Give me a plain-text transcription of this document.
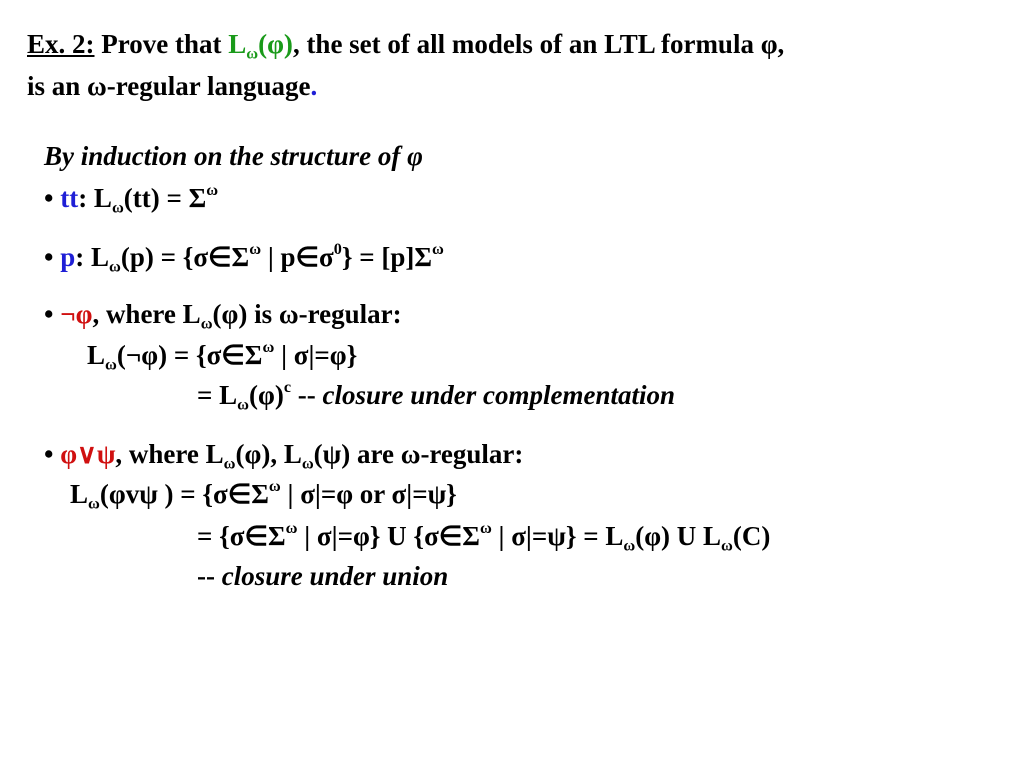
Ex. 2: Prove that $L_\omega(\varphi)$, the set of all models of an LTL formula φ,
is an ω-regular language.
By induction on the structure of φ
• tt: $L_\omega(tt) = \Sigma^\omega$
• p: $L_\omega(p)$ = {$\sigma\in\Sigma^\omega$ | $p\in\sigma^0\} = [p]\Sigma^\omega$
• ¬φ, where $L_\omega(\varphi)$ is ω-regular:
$L_\omega(\neg\varphi)$ = {$\sigma\in\Sigma^\omega$ | σ|=φ}
= $L_\omega(\varphi)^c$ -- closure under complementation
• φ∨ψ, where $L_\omega(\varphi)$, $L_\omega(\psi)$ are ω-regular:
$L_\omega(\varphi v\psi$ ) = {$\sigma\in\Sigma^\omega$ | σ|=φ or σ|=ψ}
= {$\sigma\in\Sigma^\omega$ | σ|=φ} U {$\sigma\in\Sigma^\omega$ | $\sigma|=\psi\} = L_\omega(\varphi)$ U $L_\omega(C)$
-- closure under union
